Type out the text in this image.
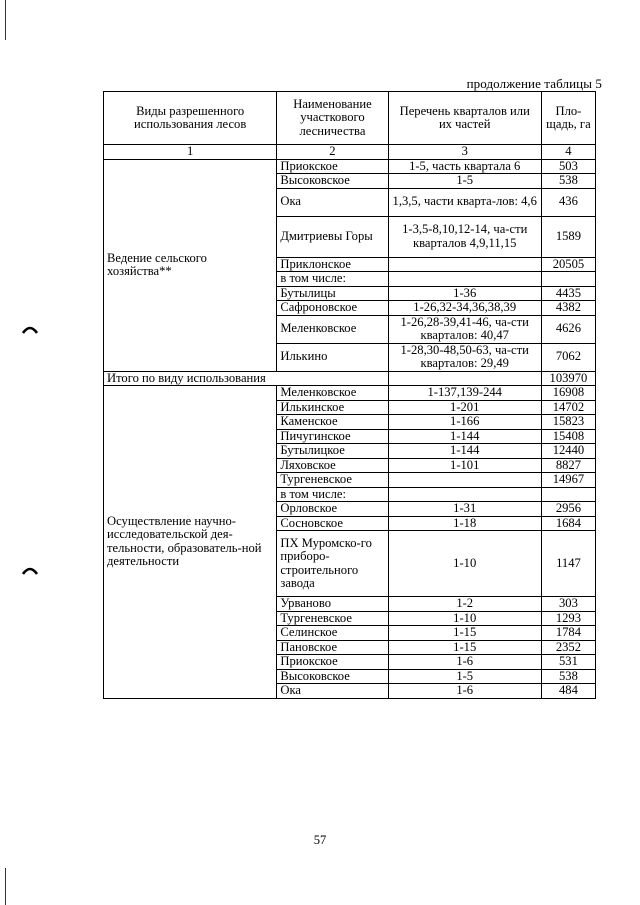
продолжение таблицы 5
Виды разрешенного использования лесов	Наименование участкового лесничества	Перечень кварталов или их частей	Пло-щадь, га
1	2	3	4
Ведение сельского хозяйства**	Приокское	1-5, часть квартала 6	503
	Высоковское	1-5	538
	Ока	1,3,5, части кварта-лов: 4,6	436
	Дмитриевы Горы	1-3,5-8,10,12-14, ча-сти кварталов 4,9,11,15	1589
	Приклонское		20505
	в том числе:		
	Бутылицы	1-36	4435
	Сафроновское	1-26,32-34,36,38,39	4382
	Меленковское	1-26,28-39,41-46, ча-сти кварталов: 40,47	4626
	Илькино	1-28,30-48,50-63, ча-сти кварталов: 29,49	7062
Итого по виду использования			103970
Осуществление научно-исследовательской дея-тельности, образователь-ной деятельности	Меленковское	1-137,139-244	16908
	Илькинское	1-201	14702
	Каменское	1-166	15823
	Пичугинское	1-144	15408
	Бутылицкое	1-144	12440
	Ляховское	1-101	8827
	Тургеневское		14967
	в том числе:		
	Орловское	1-31	2956
	Сосновское	1-18	1684
	ПХ Муромско-го приборо-строительного завода	1-10	1147
	Урваново	1-2	303
	Тургеневское	1-10	1293
	Селинское	1-15	1784
	Пановское	1-15	2352
	Приокское	1-6	531
	Высоковское	1-5	538
	Ока	1-6	484
57
